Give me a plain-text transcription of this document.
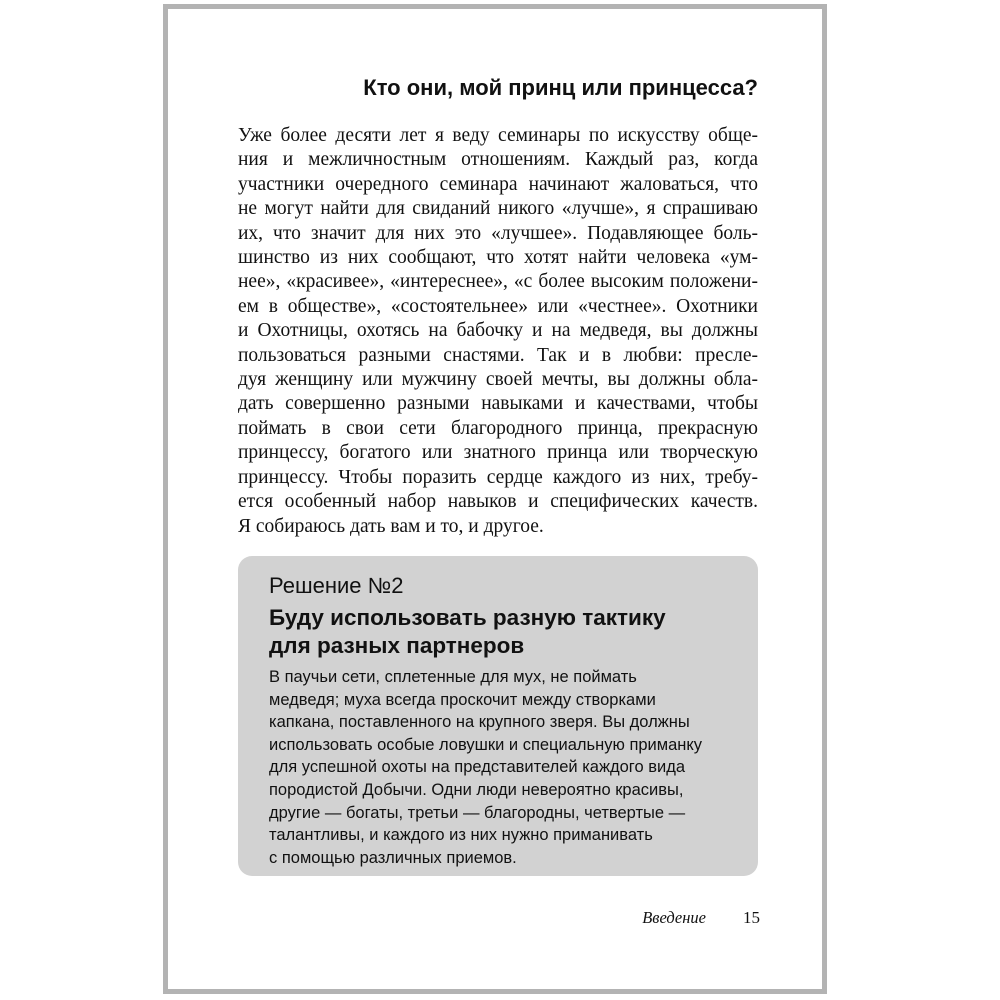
Кто они, мой принц или принцесса?
Уже более десяти лет я веду семинары по искусству обще-
ния и межличностным отношениям. Каждый раз, когда
участники очередного семинара начинают жаловаться, что
не могут найти для свиданий никого «лучше», я спрашиваю
их, что значит для них это «лучшее». Подавляющее боль-
шинство из них сообщают, что хотят найти человека «ум-
нее», «красивее», «интереснее», «с более высоким положени-
ем в обществе», «состоятельнее» или «честнее». Охотники
и Охотницы, охотясь на бабочку и на медведя, вы должны
пользоваться разными снастями. Так и в любви: пресле-
дуя женщину или мужчину своей мечты, вы должны обла-
дать совершенно разными навыками и качествами, чтобы
поймать в свои сети благородного принца, прекрасную
принцессу, богатого или знатного принца или творческую
принцессу. Чтобы поразить сердце каждого из них, требу-
ется особенный набор навыков и специфических качеств.
Я собираюсь дать вам и то, и другое.

Решение №2

Буду использовать разную тактику
для разных партнеров
В паучьи сети, сплетенные для мух, не поймать
медведя; муха всегда проскочит между створками
капкана, поставленного на крупного зверя. Вы должны
использовать особые ловушки и специальную приманку
для успешной охоты на представителей каждого вида
породистой Добычи. Одни люди невероятно красивы,
другие — богаты, третьи — благородны, четвертые —
талантливы, и каждого из них нужно приманивать
с помощью различных приемов.
Введение 15
